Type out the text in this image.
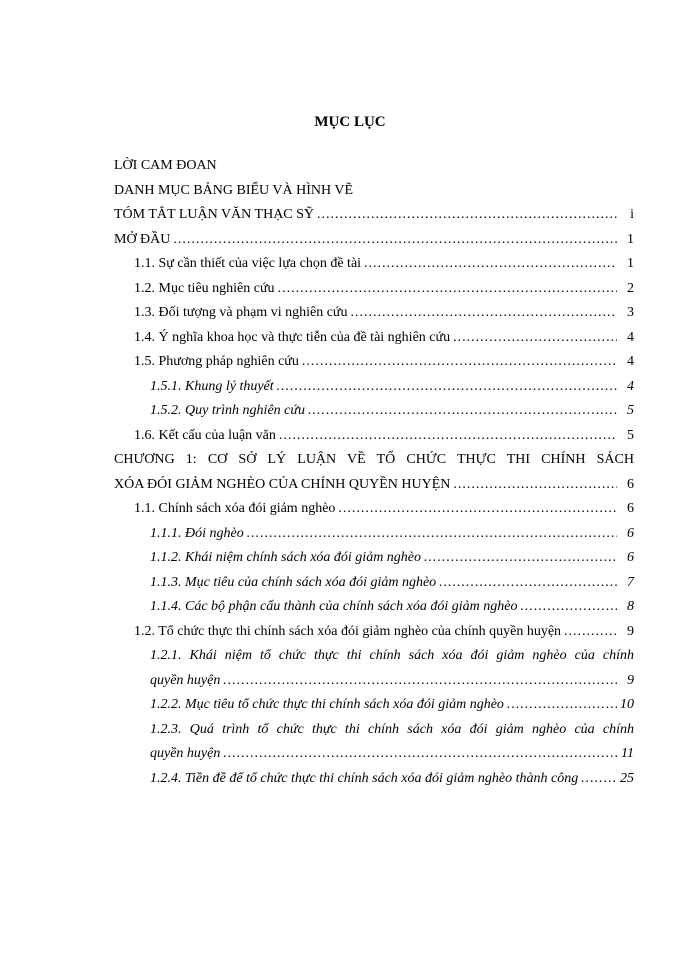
MỤC LỤC
LỜI CAM ĐOAN
DANH MỤC BẢNG BIỂU VÀ HÌNH VẼ
TÓM TẮT LUẬN VĂN THẠC SỸ .....	i
MỞ ĐẦU .....	1
1.1. Sự cần thiết của việc lựa chọn đề tài .....	1
1.2. Mục tiêu nghiên cứu .....	2
1.3. Đối tượng và phạm vi nghiên cứu .....	3
1.4. Ý nghĩa khoa học và thực tiễn của đề tài nghiên cứu .....	4
1.5. Phương pháp nghiên cứu .....	4
1.5.1. Khung lý thuyết .....	4
1.5.2. Quy trình nghiên cứu .....	5
1.6. Kết cấu của luận văn .....	5
CHƯƠNG 1: CƠ SỞ LÝ LUẬN VỀ TỔ CHỨC THỰC THI CHÍNH SÁCH
XÓA ĐÓI GIẢM NGHÈO CỦA CHÍNH QUYỀN HUYỆN .....	6
1.1. Chính sách xóa đói giảm nghèo .....	6
1.1.1. Đói nghèo .....	6
1.1.2. Khái niệm chính sách xóa đói giảm nghèo .....	6
1.1.3. Mục tiêu của chính sách xóa đói giảm nghèo .....	7
1.1.4. Các bộ phận cấu thành của chính sách xóa đói giảm nghèo .....	8
1.2. Tổ chức thực thi chính sách xóa đói giảm nghèo của chính quyền huyện .....	9
1.2.1. Khái niệm tổ chức thực thi chính sách xóa đói giảm nghèo của chính
quyền huyện .....	9
1.2.2. Mục tiêu tổ chức thực thi chính sách xóa đói giảm nghèo .....	10
1.2.3. Quá trình tổ chức thực thi chính sách xóa đói giảm nghèo của chính
quyền huyện .....	11
1.2.4. Tiền đề để tổ chức thực thi chính sách xóa đói giảm nghèo thành công .....	25
